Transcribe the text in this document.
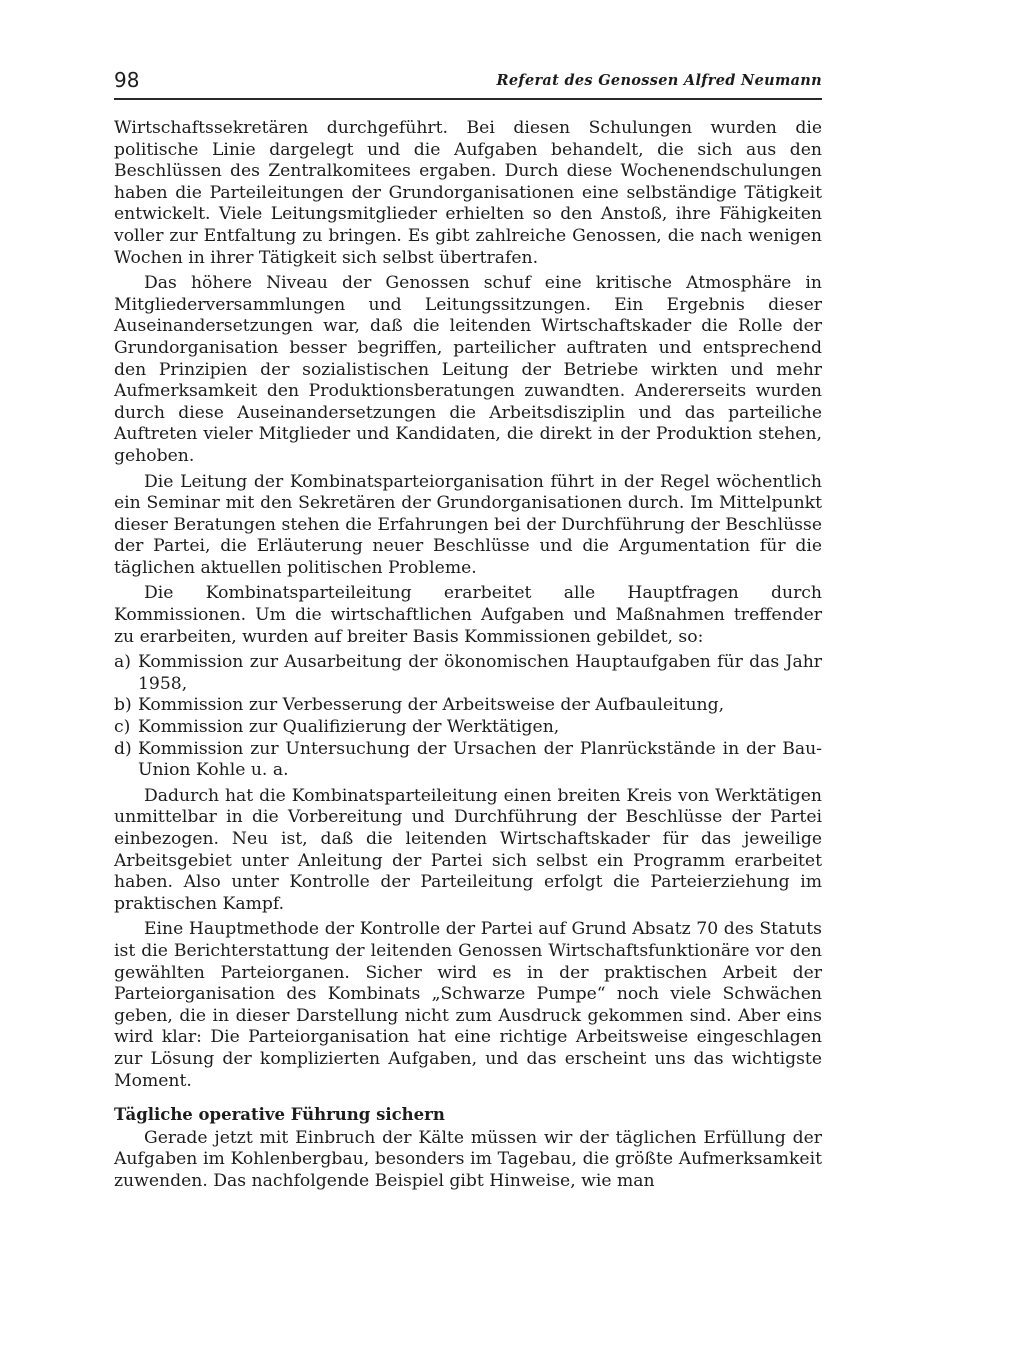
98	Referat des Genossen Alfred Neumann

Wirtschaftssekretären durchgeführt. Bei diesen Schulungen wurden die politische Linie dargelegt und die Aufgaben behandelt, die sich aus den Beschlüssen des Zentralkomitees ergaben. Durch diese Wochenendschulungen haben die Parteileitungen der Grundorganisationen eine selbständige Tätigkeit entwickelt. Viele Leitungsmitglieder erhielten so den Anstoß, ihre Fähigkeiten voller zur Entfaltung zu bringen. Es gibt zahlreiche Genossen, die nach wenigen Wochen in ihrer Tätigkeit sich selbst übertrafen.

Das höhere Niveau der Genossen schuf eine kritische Atmosphäre in Mitgliederversammlungen und Leitungssitzungen. Ein Ergebnis dieser Auseinandersetzungen war, daß die leitenden Wirtschaftskader die Rolle der Grundorganisation besser begriffen, parteilicher auftraten und entsprechend den Prinzipien der sozialistischen Leitung der Betriebe wirkten und mehr Aufmerksamkeit den Produktionsberatungen zuwandten. Andererseits wurden durch diese Auseinandersetzungen die Arbeitsdisziplin und das parteiliche Auftreten vieler Mitglieder und Kandidaten, die direkt in der Produktion stehen, gehoben.

Die Leitung der Kombinatsparteiorganisation führt in der Regel wöchentlich ein Seminar mit den Sekretären der Grundorganisationen durch. Im Mittelpunkt dieser Beratungen stehen die Erfahrungen bei der Durchführung der Beschlüsse der Partei, die Erläuterung neuer Beschlüsse und die Argumentation für die täglichen aktuellen politischen Probleme.

Die Kombinatsparteileitung erarbeitet alle Hauptfragen durch Kommissionen. Um die wirtschaftlichen Aufgaben und Maßnahmen treffender zu erarbeiten, wurden auf breiter Basis Kommissionen gebildet, so:

a) Kommission zur Ausarbeitung der ökonomischen Hauptaufgaben für das Jahr 1958,
b) Kommission zur Verbesserung der Arbeitsweise der Aufbauleitung,
c) Kommission zur Qualifizierung der Werktätigen,
d) Kommission zur Untersuchung der Ursachen der Planrückstände in der Bau-Union Kohle u. a.

Dadurch hat die Kombinatsparteileitung einen breiten Kreis von Werktätigen unmittelbar in die Vorbereitung und Durchführung der Beschlüsse der Partei einbezogen. Neu ist, daß die leitenden Wirtschaftskader für das jeweilige Arbeitsgebiet unter Anleitung der Partei sich selbst ein Programm erarbeitet haben. Also unter Kontrolle der Parteileitung erfolgt die Parteierziehung im praktischen Kampf.

Eine Hauptmethode der Kontrolle der Partei auf Grund Absatz 70 des Statuts ist die Berichterstattung der leitenden Genossen Wirtschaftsfunktionäre vor den gewählten Parteiorganen. Sicher wird es in der praktischen Arbeit der Parteiorganisation des Kombinats „Schwarze Pumpe“ noch viele Schwächen geben, die in dieser Darstellung nicht zum Ausdruck gekommen sind. Aber eins wird klar: Die Parteiorganisation hat eine richtige Arbeitsweise eingeschlagen zur Lösung der komplizierten Aufgaben, und das erscheint uns das wichtigste Moment.

Tägliche operative Führung sichern

Gerade jetzt mit Einbruch der Kälte müssen wir der täglichen Erfüllung der Aufgaben im Kohlenbergbau, besonders im Tagebau, die größte Aufmerksamkeit zuwenden. Das nachfolgende Beispiel gibt Hinweise, wie man
